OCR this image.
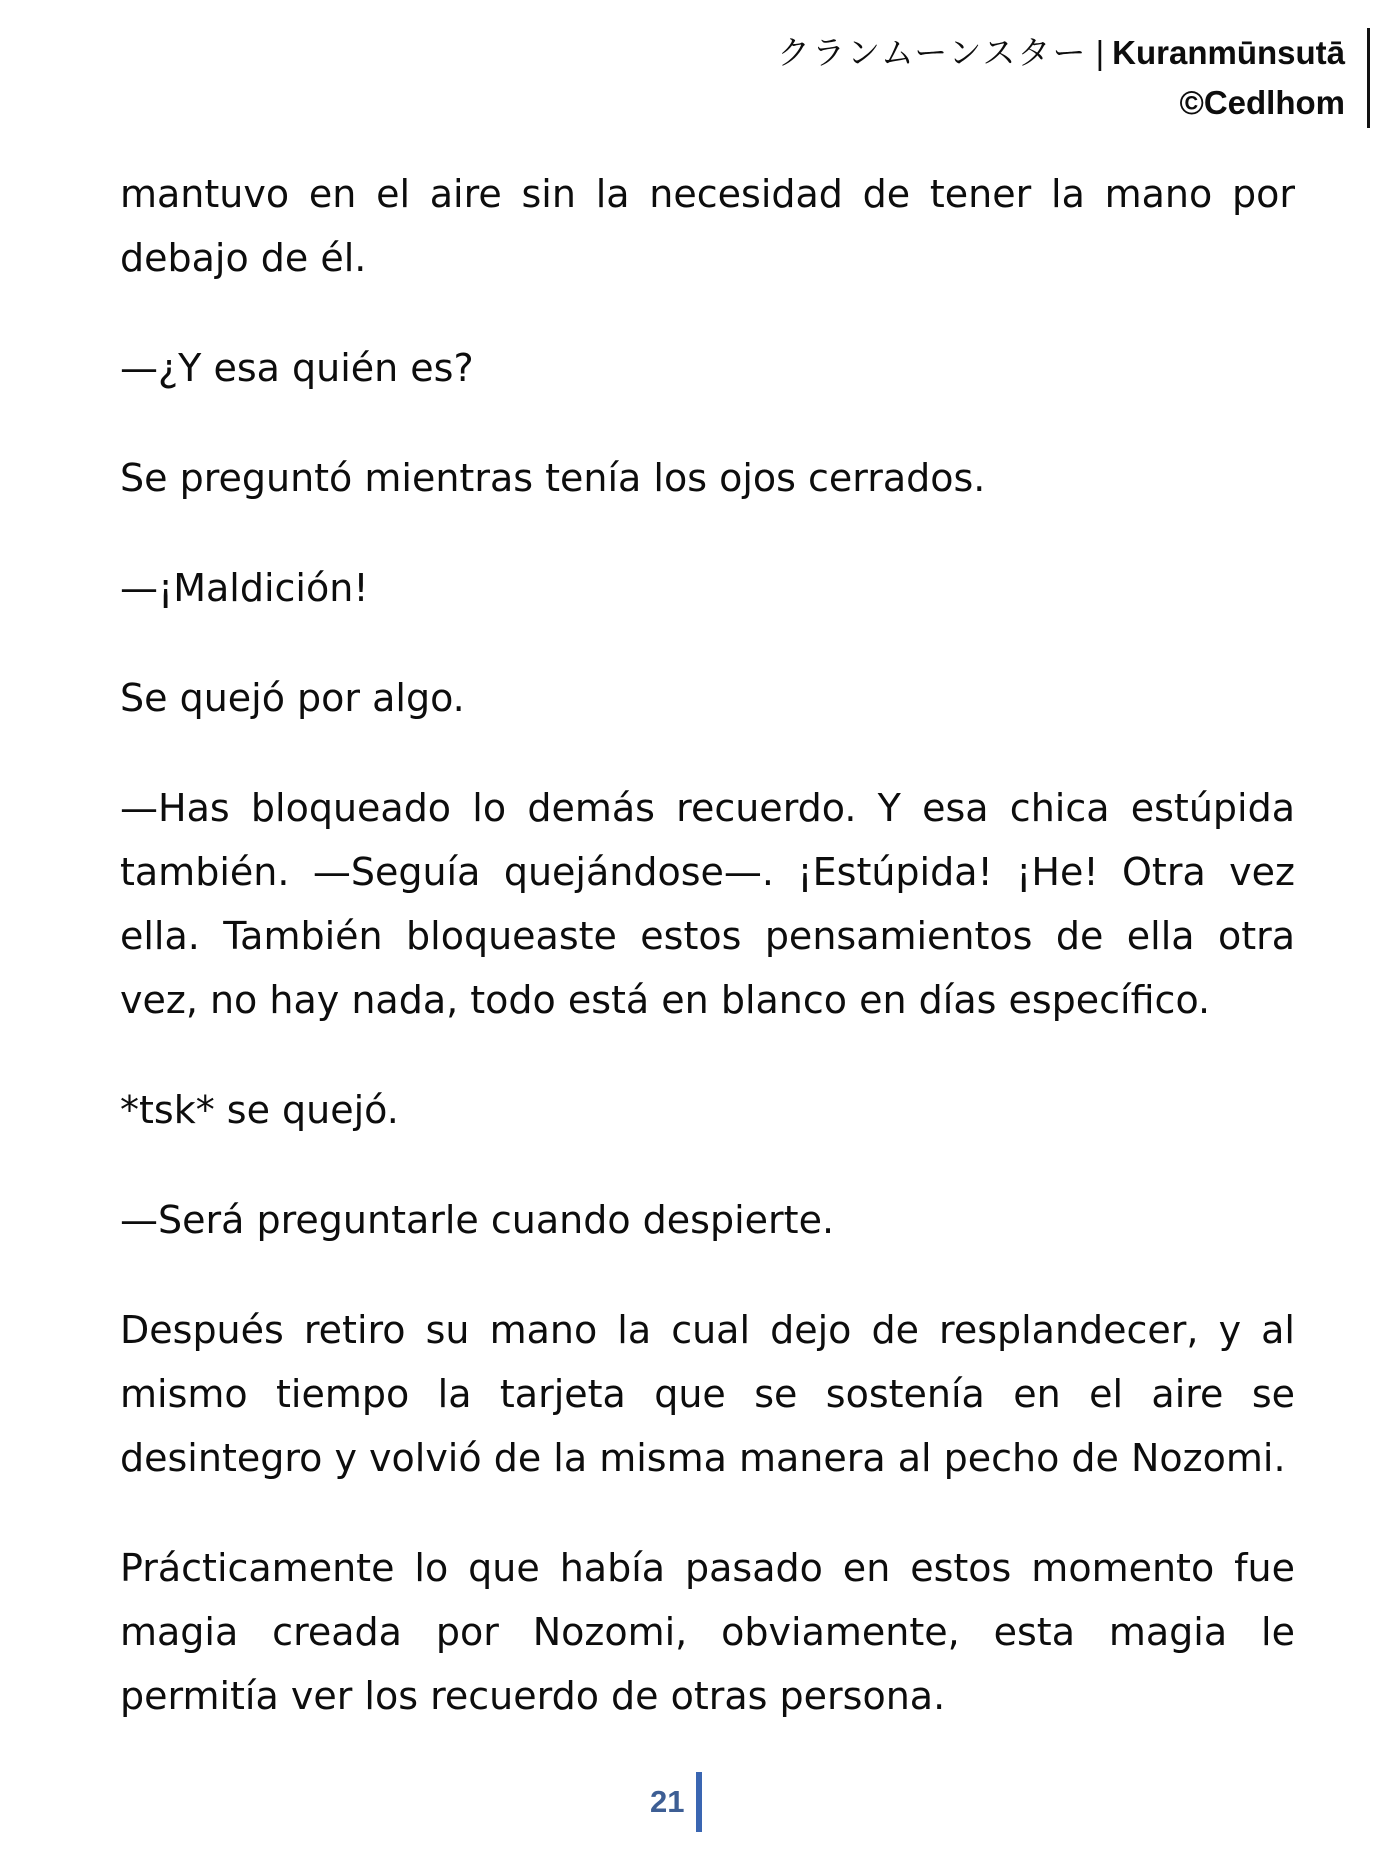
クランムーンスター | Kuranmūnsutā
©Cedlhom

mantuvo en el aire sin la necesidad de tener la mano por debajo de él.

—¿Y esa quién es?

Se preguntó mientras tenía los ojos cerrados.

—¡Maldición!

Se quejó por algo.

—Has bloqueado lo demás recuerdo. Y esa chica estúpida también. —Seguía quejándose—. ¡Estúpida! ¡He! Otra vez ella. También bloqueaste estos pensamientos de ella otra vez, no hay nada, todo está en blanco en días específico.

*tsk* se quejó.

—Será preguntarle cuando despierte.

Después retiro su mano la cual dejo de resplandecer, y al mismo tiempo la tarjeta que se sostenía en el aire se desintegro y volvió de la misma manera al pecho de Nozomi.

Prácticamente lo que había pasado en estos momento fue magia creada por Nozomi, obviamente, esta magia le permitía ver los recuerdo de otras persona.

21
